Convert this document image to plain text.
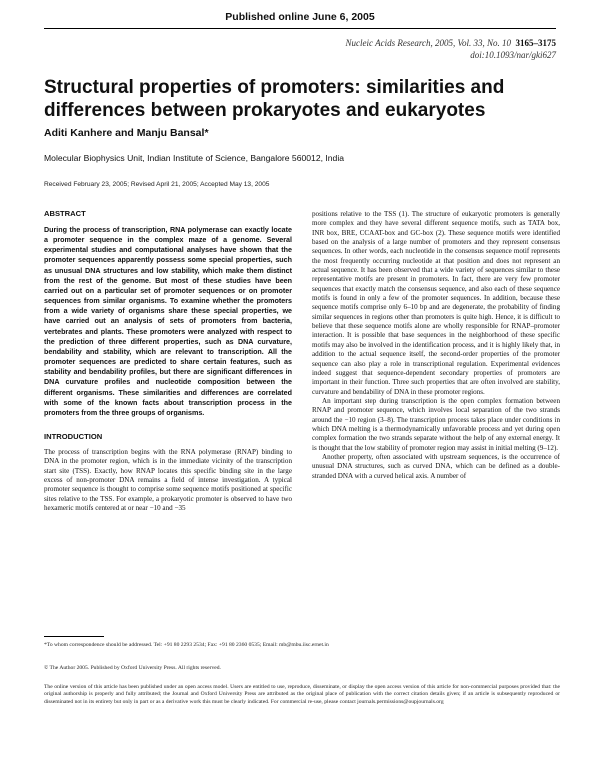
Published online June 6, 2005
Nucleic Acids Research, 2005, Vol. 33, No. 10 3165–3175
doi:10.1093/nar/gki627
Structural properties of promoters: similarities and differences between prokaryotes and eukaryotes
Aditi Kanhere and Manju Bansal*
Molecular Biophysics Unit, Indian Institute of Science, Bangalore 560012, India
Received February 23, 2005; Revised April 21, 2005; Accepted May 13, 2005
ABSTRACT

During the process of transcription, RNA polymerase can exactly locate a promoter sequence in the complex maze of a genome. Several experimental studies and computational analyses have shown that the promoter sequences apparently possess some special properties, such as unusual DNA structures and low stability, which make them distinct from the rest of the genome. But most of these studies have been carried out on a particular set of promoter sequences or on promoter sequences from similar organisms. To examine whether the promoters from a wide variety of organisms share these special properties, we have carried out an analysis of sets of promoters from bacteria, vertebrates and plants. These promoters were analyzed with respect to the prediction of three different properties, such as DNA curvature, bendability and stability, which are relevant to transcription. All the promoter sequences are predicted to share certain features, such as stability and bendability profiles, but there are significant differences in DNA curvature profiles and nucleotide composition between the different organisms. These similarities and differences are correlated with some of the known facts about transcription process in the promoters from the three groups of organisms.

INTRODUCTION

The process of transcription begins with the RNA polymerase (RNAP) binding to DNA in the promoter region, which is in the immediate vicinity of the transcription start site (TSS). Exactly, how RNAP locates this specific binding site in the large excess of non-promoter DNA remains a field of intense investigation. A typical promoter sequence is thought to comprise some sequence motifs positioned at specific sites relative to the TSS. For example, a prokaryotic promoter is observed to have two hexameric motifs centered at or near −10 and −35

positions relative to the TSS (1). The structure of eukaryotic promoters is generally more complex and they have several different sequence motifs, such as TATA box, INR box, BRE, CCAAT-box and GC-box (2). These sequence motifs were identified based on the analysis of a large number of promoters and they represent consensus sequences. In other words, each nucleotide in the consensus sequence motif represents the most frequently occurring nucleotide at that position and does not represent an actual sequence. It has been observed that a wide variety of sequences similar to these representative motifs are present in promoters. In fact, there are very few promoter sequences that exactly match the consensus sequence, and also each of these sequence motifs is found in only a few of the promoter sequences. In addition, because these sequence motifs comprise only 6–10 bp and are degenerate, the probability of finding similar sequences in regions other than promoters is quite high. Hence, it is difficult to believe that these sequence motifs alone are wholly responsible for RNAP–promoter interaction. It is possible that base sequences in the neighborhood of these specific motifs may also be involved in the identification process, and it is highly likely that, in addition to the actual sequence itself, the second-order properties of the promoter sequence can also play a role in transcriptional regulation. Experimental evidences indeed suggest that sequence-dependent secondary properties of promoters are important in their function. Three such properties that are often involved are stability, curvature and bendability of DNA in these promoter regions.

An important step during transcription is the open complex formation between RNAP and promoter sequence, which involves local separation of the two strands around the −10 region (3–8). The transcription process takes place under conditions in which DNA melting is a thermodynamically unfavorable process and yet during open complex formation the two strands separate without the help of any external energy. It is thought that the low stability of promoter region may assist in initial melting (9–12).

Another property, often associated with upstream sequences, is the occurrence of unusual DNA structures, such as curved DNA, which can be defined as a double-stranded DNA with a curved helical axis. A number of

*To whom correspondence should be addressed. Tel: +91 80 2293 2534; Fax: +91 80 2360 0535; Email: mb@mbu.iisc.ernet.in
© The Author 2005. Published by Oxford University Press. All rights reserved.
The online version of this article has been published under an open access model. Users are entitled to use, reproduce, disseminate, or display the open access version of this article for non-commercial purposes provided that: the original authorship is properly and fully attributed; the Journal and Oxford University Press are attributed as the original place of publication with the correct citation details given; if an article is subsequently reproduced or disseminated not in its entirety but only in part or as a derivative work this must be clearly indicated. For commercial re-use, please contact journals.permissions@oupjournals.org
